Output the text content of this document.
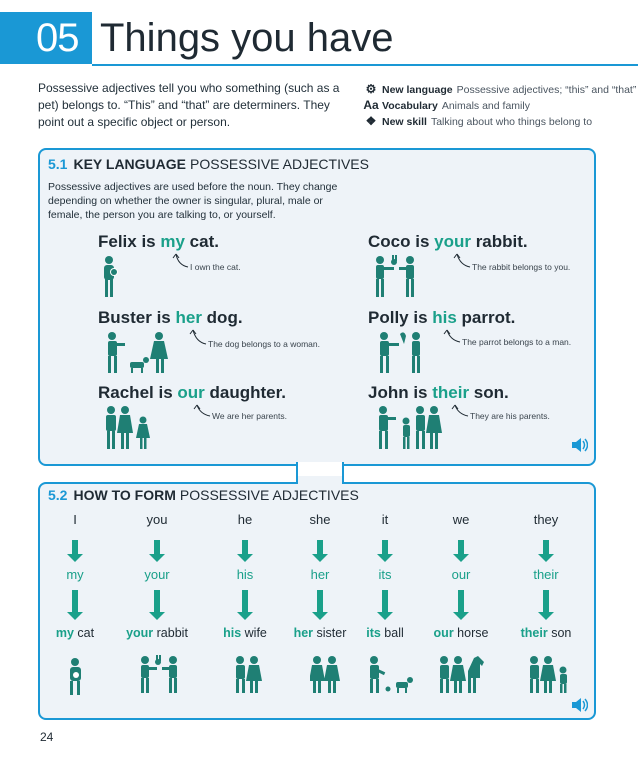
05 Things you have
Possessive adjectives tell you who something (such as a pet) belongs to. “This” and “that” are determiners. They point out a specific object or person.
⚙ New language Possessive adjectives; “this” and “that”
Aa Vocabulary Animals and family
❖ New skill Talking about who things belong to
5.1 KEY LANGUAGE POSSESSIVE ADJECTIVES
Possessive adjectives are used before the noun. They change depending on whether the owner is singular, plural, male or female, the person you are talking to, or yourself.
Felix is my cat.
I own the cat.
Coco is your rabbit.
The rabbit belongs to you.
Buster is her dog.
The dog belongs to a woman.
Polly is his parrot.
The parrot belongs to a man.
Rachel is our daughter.
We are her parents.
John is their son.
They are his parents.
5.2 HOW TO FORM POSSESSIVE ADJECTIVES
I
my
my cat
you
your
your rabbit
he
his
his wife
she
her
her sister
it
its
its ball
we
our
our horse
they
their
their son
24
